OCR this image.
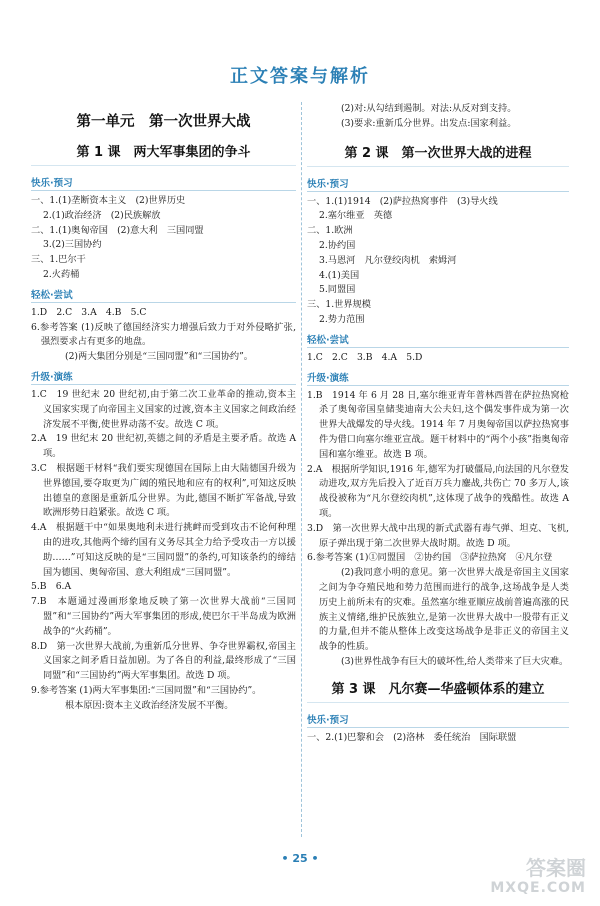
正文答案与解析
第一单元　第一次世界大战
第 1 课　两大军事集团的争斗
快乐·预习

一、1.(1)垄断资本主义　(2)世界历史

2.(1)政治经济　(2)民族解放

二、1.(1)奥匈帝国　(2)意大利　三国同盟

3.(2)三国协约

三、1.巴尔干

2.火药桶

轻松·尝试

1.D　2.C　3.A　4.B　5.C

6.参考答案 (1)反映了德国经济实力增强后致力于对外侵略扩张,强烈要求占有更多的地盘。

(2)两大集团分别是“三国同盟”和“三国协约”。

升级·演练

1.C　19 世纪末 20 世纪初,由于第二次工业革命的推动,资本主义国家实现了向帝国主义国家的过渡,资本主义国家之间政治经济发展不平衡,使世界动荡不安。故选 C 项。

2.A　19 世纪末 20 世纪初,英德之间的矛盾是主要矛盾。故选 A 项。

3.C　根据题干材料“我们要实现德国在国际上由大陆德国升级为世界德国,要夺取更为广阔的殖民地和应有的权利”,可知这反映出德皇的意图是重新瓜分世界。为此,德国不断扩军备战,导致欧洲形势日趋紧张。故选 C 项。

4.A　根据题干中“如果奥地利未进行挑衅而受到攻击不论何种理由的进攻,其他两个缔约国有义务尽其全力给予受攻击一方以援助……”可知这反映的是“三国同盟”的条约,可知该条约的缔结国为德国、奥匈帝国、意大利组成“三国同盟”。

5.B　6.A

7.B　本题通过漫画形象地反映了第一次世界大战前“三国同盟”和“三国协约”两大军事集团的形成,使巴尔干半岛成为欧洲战争的“火药桶”。

8.D　第一次世界大战前,为重新瓜分世界、争夺世界霸权,帝国主义国家之间矛盾日益加剧。为了各自的利益,最终形成了“三国同盟”和“三国协约”两大军事集团。故选 D 项。

9.参考答案 (1)两大军事集团:“三国同盟”和“三国协约”。

根本原因:资本主义政治经济发展不平衡。

(2)对:从勾结到遏制。对法:从反对到支持。

(3)要求:重新瓜分世界。出发点:国家利益。

第 2 课　第一次世界大战的进程
快乐·预习

一、1.(1)1914　(2)萨拉热窝事件　(3)导火线

2.塞尔维亚　英德

二、1.欧洲

2.协约国

3.马恩河　凡尔登绞肉机　索姆河

4.(1)美国

5.同盟国

三、1.世界规模

2.势力范围

轻松·尝试

1.C　2.C　3.B　4.A　5.D

升级·演练

1.B　1914 年 6 月 28 日,塞尔维亚青年普林西普在萨拉热窝枪杀了奥匈帝国皇储斐迪南大公夫妇,这个偶发事件成为第一次世界大战爆发的导火线。1914 年 7 月奥匈帝国以萨拉热窝事件为借口向塞尔维亚宣战。题干材料中的“两个小孩”指奥匈帝国和塞尔维亚。故选 B 项。

2.A　根据所学知识,1916 年,德军为打破僵局,向法国的凡尔登发动进攻,双方先后投入了近百万兵力鏖战,共伤亡 70 多万人,该战役被称为“凡尔登绞肉机”,这体现了战争的残酷性。故选 A 项。

3.D　第一次世界大战中出现的新式武器有毒气弹、坦克、飞机,原子弹出现于第二次世界大战时期。故选 D 项。

6.参考答案 (1)①同盟国　②协约国　③萨拉热窝　④凡尔登

(2)我同意小明的意见。第一次世界大战是帝国主义国家之间为争夺殖民地和势力范围而进行的战争,这场战争是人类历史上前所未有的灾难。虽然塞尔维亚顺应战前普遍高涨的民族主义情绪,维护民族独立,是第一次世界大战中一股带有正义的力量,但并不能从整体上改变这场战争是非正义的帝国主义战争的性质。

(3)世界性战争有巨大的破坏性,给人类带来了巨大灾难。

第 3 课　凡尔赛—华盛顿体系的建立
快乐·预习

一、2.(1)巴黎和会　(2)洛林　委任统治　国际联盟

• 25 •	答案圈
MXQE.COM
